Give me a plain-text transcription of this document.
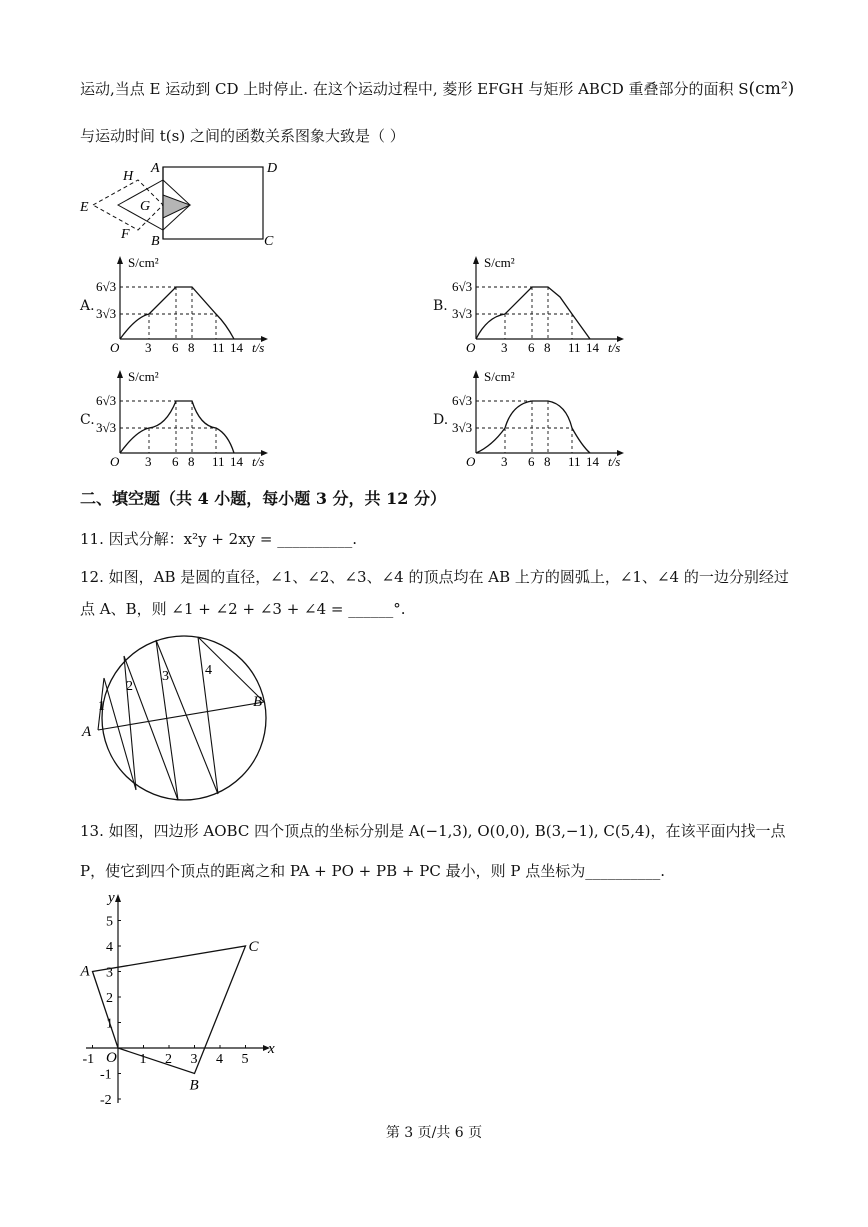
运动,当点 E 运动到 CD 上时停止. 在这个运动过程中, 菱形 EFGH 与矩形 ABCD 重叠部分的面积 S(cm²)
与运动时间 t(s) 之间的函数关系图象大致是（ ）
A	D
H
E	G
F B	C
A.	B.
C.	D.
O 3 6 8 11 14
6√3
3√3
S/cm²
t/s	O 3 6 8 11 14
6√3
3√3
S/cm²
t/s
O 3 6 8 11 14
6√3
3√3
S/cm²
t/s	O 3 6 8 11 14
6√3
3√3
S/cm²
t/s
二、填空题（共 4 小题，每小题 3 分，共 12 分）
11. 因式分解：x²y + 2xy = __________.
12. 如图，AB 是圆的直径，∠1、∠2、∠3、∠4 的顶点均在 AB 上方的圆弧上，∠1、∠4 的一边分别经过
点 A、B，则 ∠1 + ∠2 + ∠3 + ∠4 = ______°.
1
2
3	4
A
B
13. 如图，四边形 AOBC 四个顶点的坐标分别是 A(−1,3), O(0,0), B(3,−1), C(5,4)，在该平面内找一点
P，使它到四个顶点的距离之和 PA + PO + PB + PC 最小，则 P 点坐标为__________.
-1	1 2 3 4 5
5
4
3
2
1
-1
-2
A
C
O
B
x
y
第 3 页/共 6 页
